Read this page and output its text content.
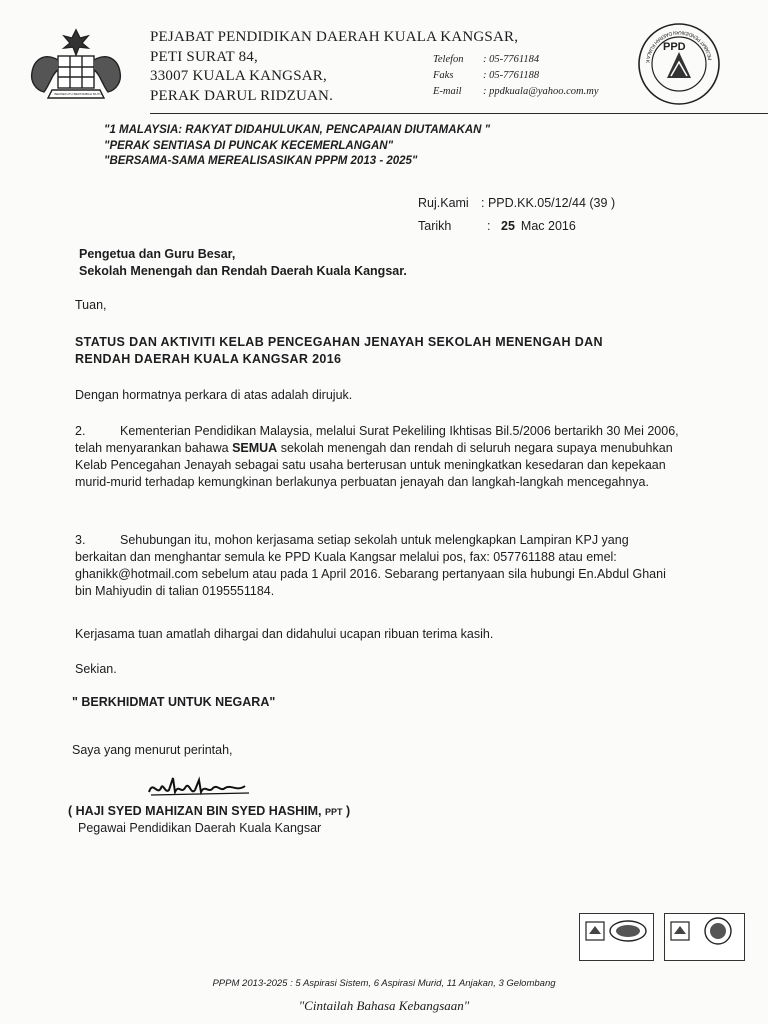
BERSEKUTU BERTAMBAH MUTU
PEJABAT PENDIDIKAN DAERAH KUALA KANGSAR,
PETI SURAT 84,
33007 KUALA KANGSAR,
PERAK DARUL RIDZUAN.
Telefon	: 05-7761184
Faks	: 05-7761188
E-mail	: ppdkuala@yahoo.com.my
PPD
PEJABAT PENDIDIKAN DAERAH KUALA K
"1 MALAYSIA: RAKYAT DIDAHULUKAN, PENCAPAIAN DIUTAMAKAN "
"PERAK SENTIASA DI PUNCAK KECEMERLANGAN"
"BERSAMA-SAMA MEREALISASIKAN PPPM 2013 - 2025"
Ruj.Kami : PPD.KK.05/12/44 (39 )
Tarikh	: 25 Mac 2016
Pengetua dan Guru Besar,
Sekolah Menengah dan Rendah Daerah Kuala Kangsar.
Tuan,
STATUS DAN AKTIVITI KELAB PENCEGAHAN JENAYAH SEKOLAH MENENGAH DAN
RENDAH DAERAH KUALA KANGSAR 2016
Dengan hormatnya perkara di atas adalah dirujuk.
2.	Kementerian Pendidikan Malaysia, melalui Surat Pekeliling Ikhtisas Bil.5/2006 bertarikh 30 Mei 2006, telah menyarankan bahawa SEMUA sekolah menengah dan rendah di seluruh negara supaya menubuhkan Kelab Pencegahan Jenayah sebagai satu usaha berterusan untuk meningkatkan kesedaran dan kepekaan murid-murid terhadap kemungkinan berlakunya perbuatan jenayah dan langkah-langkah mencegahnya.
3.	Sehubungan itu, mohon kerjasama setiap sekolah untuk melengkapkan Lampiran KPJ yang berkaitan dan menghantar semula ke PPD Kuala Kangsar melalui pos, fax: 057761188 atau emel: ghanikk@hotmail.com sebelum atau pada 1 April 2016. Sebarang pertanyaan sila hubungi En.Abdul Ghani bin Mahiyudin di talian 0195551184.
Kerjasama tuan amatlah dihargai dan didahului ucapan ribuan terima kasih.
Sekian.
" BERKHIDMAT UNTUK NEGARA"
Saya yang menurut perintah,
( HAJI SYED MAHIZAN BIN SYED HASHIM, PPT )
Pegawai Pendidikan Daerah Kuala Kangsar
PPPM 2013-2025 : 5 Aspirasi Sistem, 6 Aspirasi Murid, 11 Anjakan, 3 Gelombang
"Cintailah Bahasa Kebangsaan"
